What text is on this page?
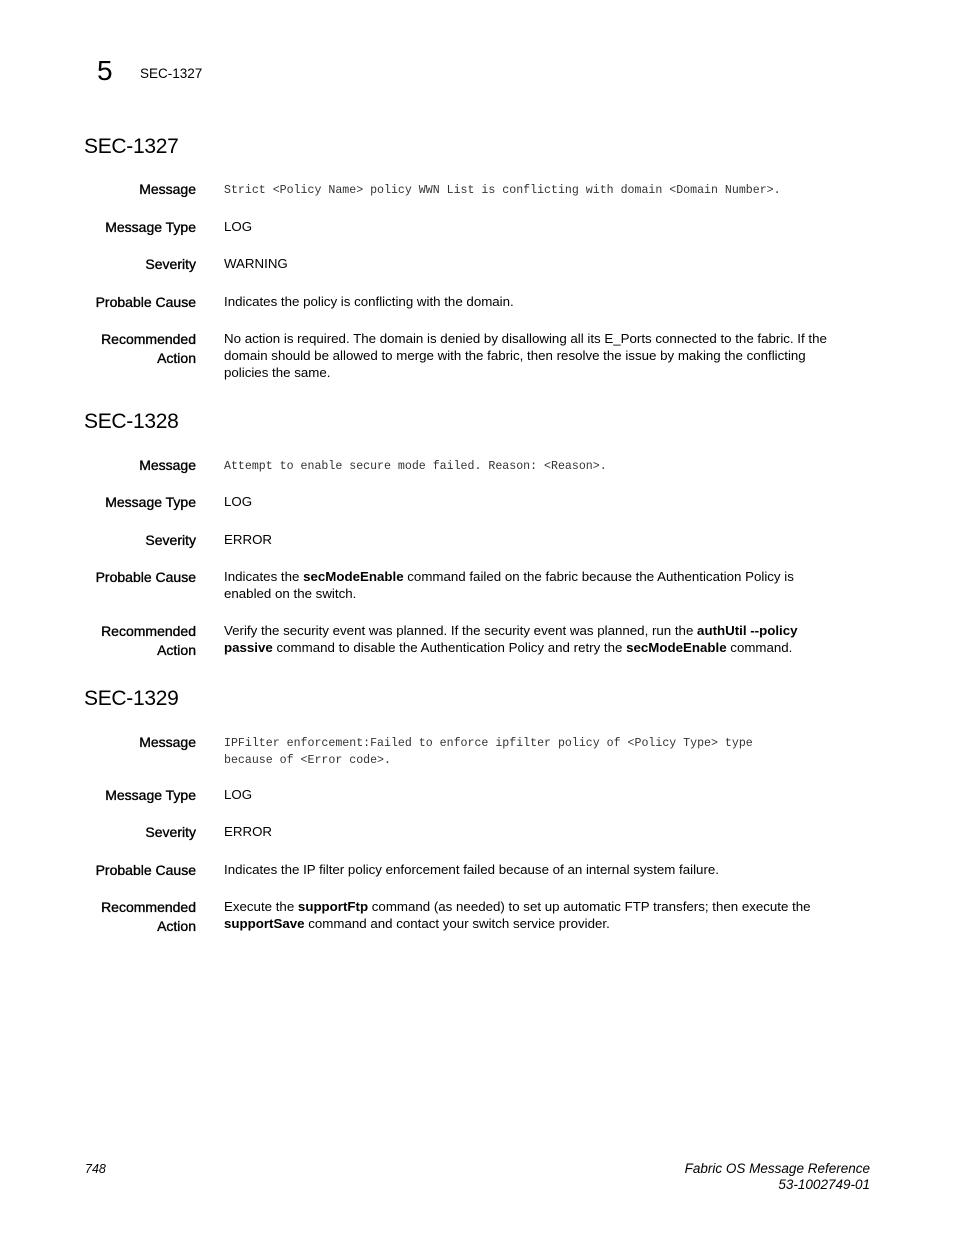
5 SEC-1327
SEC-1327
Message Strict <Policy Name> policy WWN List is conflicting with domain <Domain Number>.
Message Type LOG
Severity WARNING
Probable Cause Indicates the policy is conflicting with the domain.
Recommended
Action
No action is required. The domain is denied by disallowing all its E_Ports connected to the fabric. If the
domain should be allowed to merge with the fabric, then resolve the issue by making the conflicting
policies the same.
SEC-1328
Message Attempt to enable secure mode failed. Reason: <Reason>.
Message Type LOG
Severity ERROR
Probable Cause Indicates the secModeEnable command failed on the fabric because the Authentication Policy is
enabled on the switch.
Recommended
Action
Verify the security event was planned. If the security event was planned, run the authUtil --policy
passive command to disable the Authentication Policy and retry the secModeEnable command.
SEC-1329
Message IPFilter enforcement:Failed to enforce ipfilter policy of <Policy Type> type
because of <Error code>.
Message Type LOG
Severity ERROR
Probable Cause Indicates the IP filter policy enforcement failed because of an internal system failure.
Recommended
Action
Execute the supportFtp command (as needed) to set up automatic FTP transfers; then execute the
supportSave command and contact your switch service provider.
748	Fabric OS Message Reference
53-1002749-01
